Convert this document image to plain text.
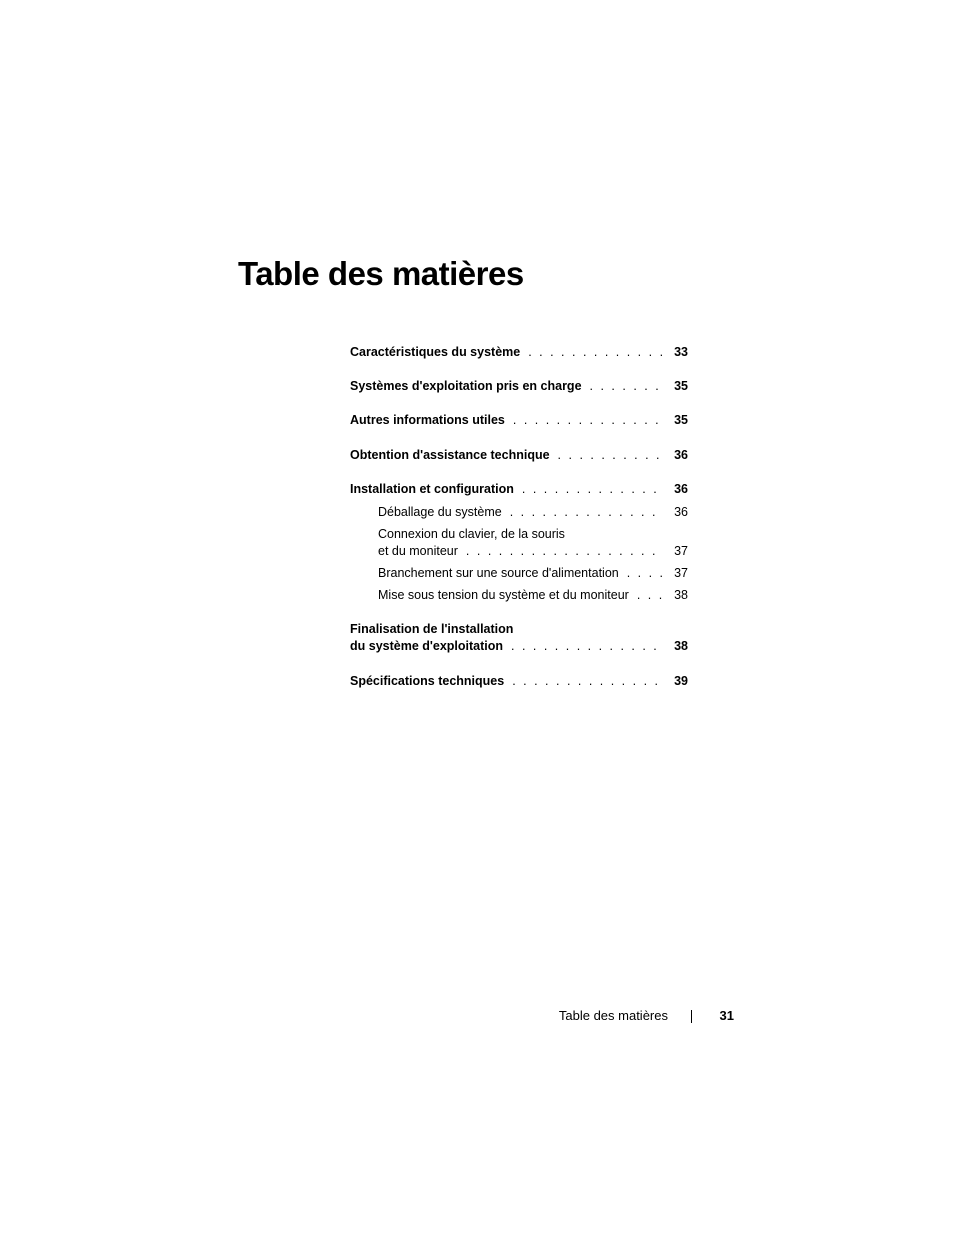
Table des matières
Caractéristiques du système . . .	33
Systèmes d'exploitation pris en charge . . .	35
Autres informations utiles . . .	35
Obtention d'assistance technique . . .	36
Installation et configuration . . .	36
Déballage du système . . .	36
Connexion du clavier, de la souris
et du moniteur . . .	37
Branchement sur une source d'alimentation . . .	37
Mise sous tension du système et du moniteur . . .	38
Finalisation de l'installation
du système d'exploitation . . .	38
Spécifications techniques . . .	39
Table des matières	31
